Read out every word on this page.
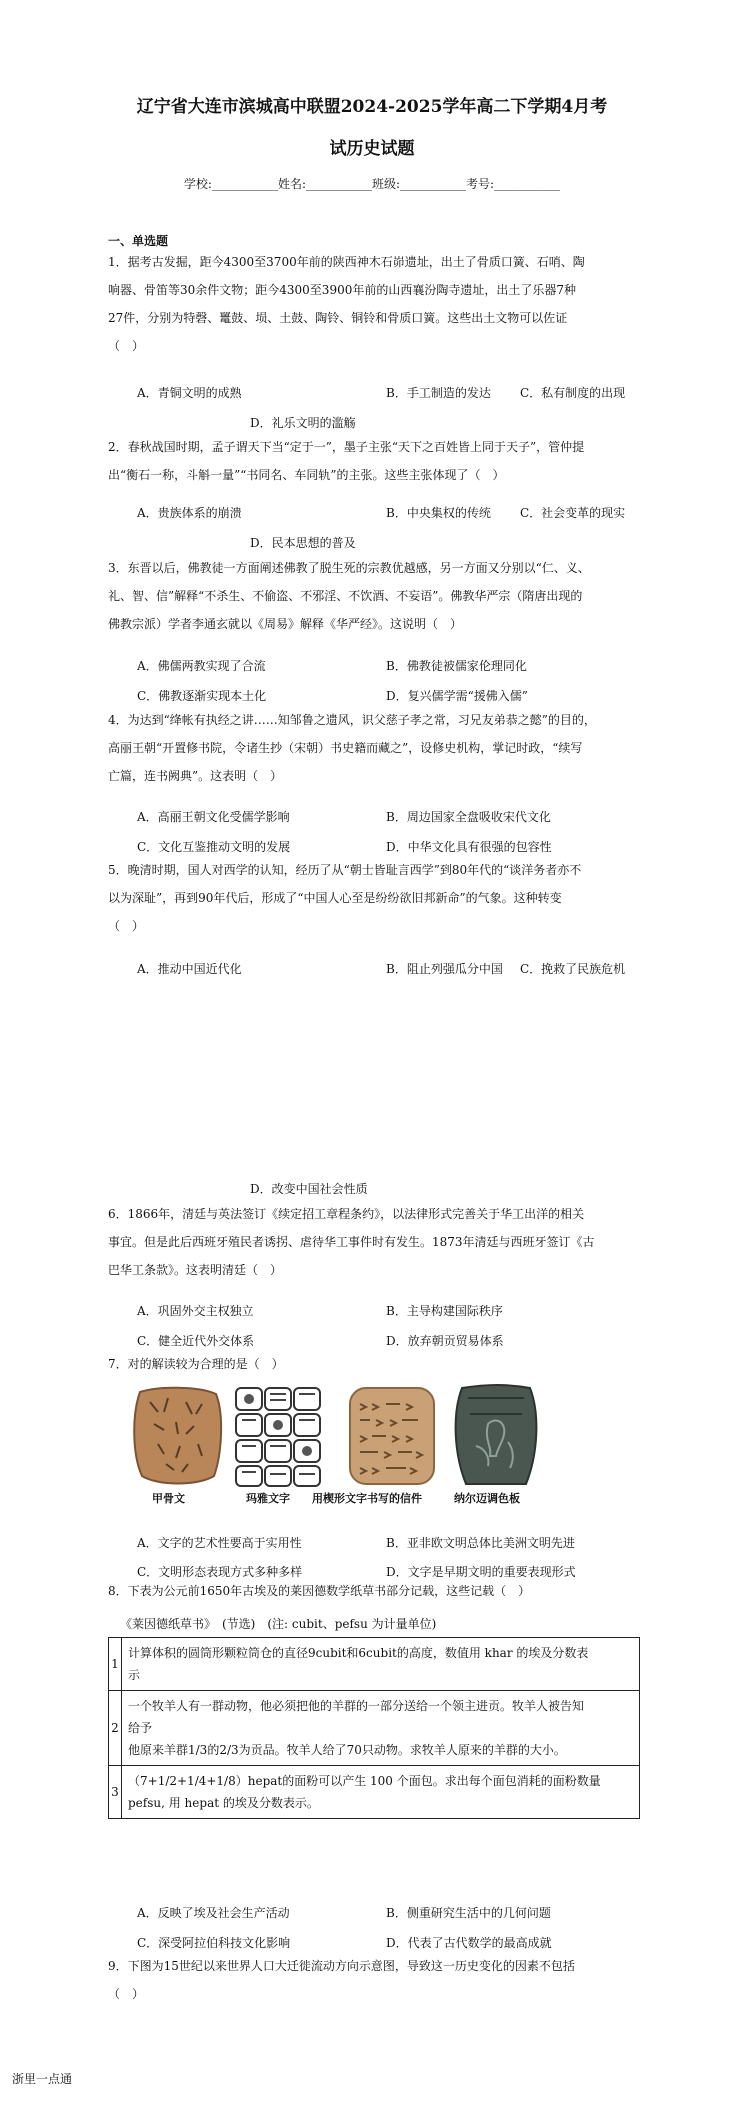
辽宁省大连市滨城高中联盟2024-2025学年高二下学期4月考
试历史试题
学校:___________姓名:___________班级:___________考号:___________
一、单选题

1．据考古发掘，距今4300至3700年前的陕西神木石峁遗址，出土了骨质口簧、石哨、陶

响器、骨笛等30余件文物；距今4300至3900年前的山西襄汾陶寺遗址，出土了乐器7种

27件，分别为特磬、鼍鼓、埙、土鼓、陶铃、铜铃和骨质口簧。这些出土文物可以佐证

（　）

A．青铜文明的成熟	B．手工制造的发达 C．私有制度的出现
D．礼乐文明的滥觞

2．春秋战国时期，孟子谓天下当“定于一”，墨子主张“天下之百姓皆上同于天子”，管仲提

出“衡石一称，斗斛一量”“书同名、车同轨”的主张。这些主张体现了（　）

A．贵族体系的崩溃	B．中央集权的传统 C．社会变革的现实
D．民本思想的普及

3．东晋以后，佛教徒一方面阐述佛教了脱生死的宗教优越感，另一方面又分别以“仁、义、

礼、智、信”解释“不杀生、不偷盗、不邪淫、不饮酒、不妄语”。佛教华严宗（隋唐出现的

佛教宗派）学者李通玄就以《周易》解释《华严经》。这说明（　）

A．佛儒两教实现了合流	B．佛教徒被儒家伦理同化
C．佛教逐渐实现本土化	D．复兴儒学需“援佛入儒”

4．为达到“绛帐有执经之讲……知邹鲁之遗风，识父慈子孝之常，习兄友弟恭之懿”的目的，

高丽王朝“开置修书院，令诸生抄（宋朝）书史籍而藏之”，设修史机构，掌记时政，“续写

亡篇，连书阙典”。这表明（　）

A．高丽王朝文化受儒学影响	B．周边国家全盘吸收宋代文化
C．文化互鉴推动文明的发展	D．中华文化具有很强的包容性

5．晚清时期，国人对西学的认知，经历了从“朝士皆耻言西学”到80年代的“谈洋务者亦不

以为深耻”，再到90年代后，形成了“中国人心至是纷纷欲旧邦新命”的气象。这种转变

（　）

A．推动中国近代化	B．阻止列强瓜分中国 C．挽救了民族危机
D．改变中国社会性质

6．1866年，清廷与英法签订《续定招工章程条约》，以法律形式完善关于华工出洋的相关

事宜。但是此后西班牙殖民者诱拐、虐待华工事件时有发生。1873年清廷与西班牙签订《古

巴华工条款》。这表明清廷（　）

A．巩固外交主权独立	B．主导构建国际秩序
C．健全近代外交体系	D．放弃朝贡贸易体系

7．对的解读较为合理的是（　）

甲骨文	玛雅文字 用楔形文字书写的信件	纳尔迈调色板
A．文字的艺术性要高于实用性	B．亚非欧文明总体比美洲文明先进
C．文明形态表现方式多种多样	D．文字是早期文明的重要表现形式

8．下表为公元前1650年古埃及的莱因德数学纸草书部分记载，这些记载（　）

《莱因德纸草书》　(节选)　(注: cubit、pefsu 为计量单位)
1	计算体积的圆筒形颗粒筒仓的直径9cubit和6cubit的高度，数值用 khar 的埃及分数表
示

2	一个牧羊人有一群动物，他必须把他的羊群的一部分送给一个领主进贡。牧羊人被告知
给予
他原来羊群1/3的2/3为贡品。牧羊人给了70只动物。求牧羊人原来的羊群的大小。

3	（7+1/2+1/4+1/8）hepat的面粉可以产生 100 个面包。求出每个面包消耗的面粉数量
pefsu, 用 hepat 的埃及分数表示。
A．反映了埃及社会生产活动	B．侧重研究生活中的几何问题
C．深受阿拉伯科技文化影响	D．代表了古代数学的最高成就

9．下图为15世纪以来世界人口大迁徙流动方向示意图，导致这一历史变化的因素不包括

（　）

浙里一点通
